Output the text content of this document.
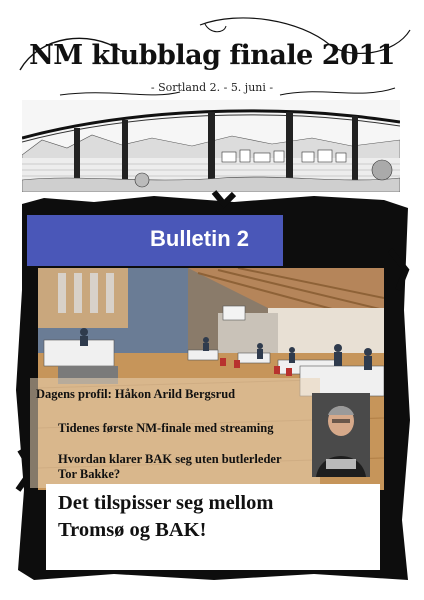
NM klubblag finale 2011
- Sortland 2. - 5. juni -
Bulletin 2
Dagens profil: Håkon Arild Bergsrud
Tidenes første NM-finale med streaming
Hvordan klarer BAK seg uten butlerleder
Tor Bakke?
Det tilspisser seg mellom
Tromsø og BAK!
